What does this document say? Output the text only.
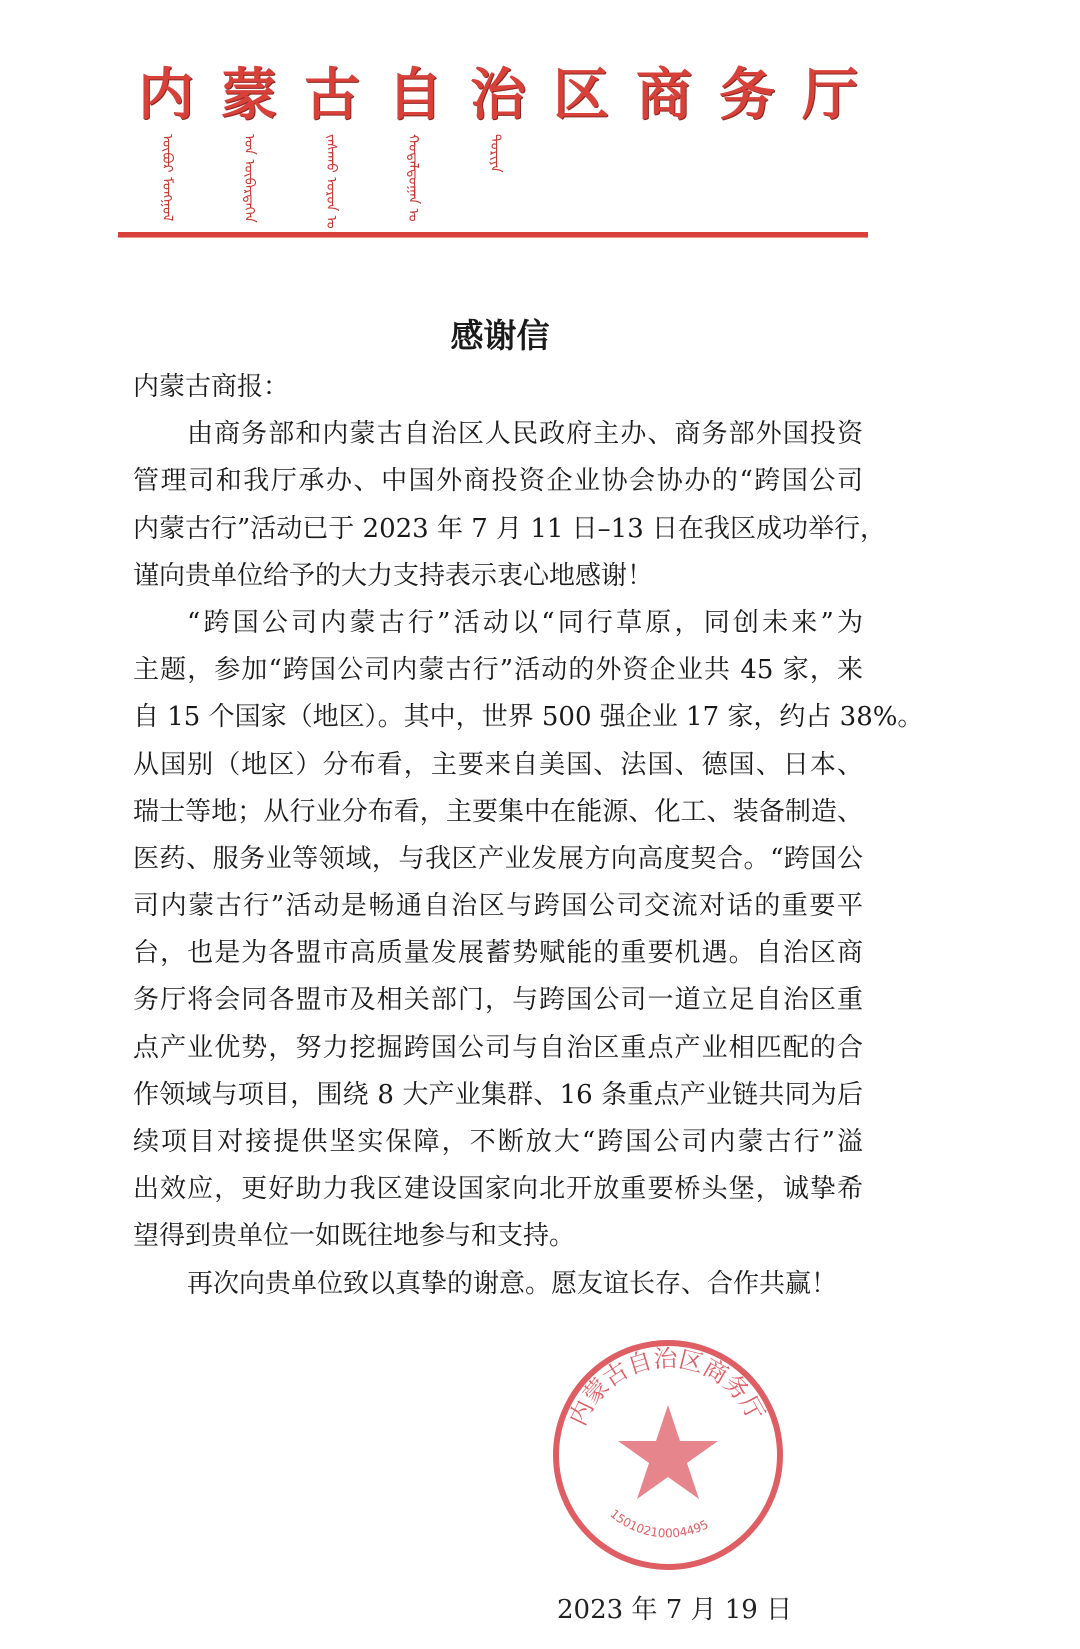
内 蒙 古 自 治 区 商 务 厅
ᠦᠪᠦᠷ ᠮᠣᠩᠭᠣᠯ ᠤᠨ ᠥᠪᠡᠷᠲᠡᠭᠡᠨ ᠵᠠᠰᠠᠬᠤ ᠣᠷᠣᠨ ᠤ ᠬᠣᠳᠠᠯᠳᠤᠭᠠᠨ ᠤ ᠲᠣᠷᠢᠶᠠ
感谢信
内蒙古商报：
由商务部和内蒙古自治区人民政府主办、商务部外国投资
管理司和我厅承办、中国外商投资企业协会协办的“跨国公司
内蒙古行”活动已于 2023 年 7 月 11 日–13 日在我区成功举行，
谨向贵单位给予的大力支持表示衷心地感谢！
“跨国公司内蒙古行”活动以“同行草原，同创未来”为
主题，参加“跨国公司内蒙古行”活动的外资企业共 45 家，来
自 15 个国家（地区）。其中，世界 500 强企业 17 家，约占 38%。
从国别（地区）分布看，主要来自美国、法国、德国、日本、
瑞士等地；从行业分布看，主要集中在能源、化工、装备制造、
医药、服务业等领域，与我区产业发展方向高度契合。“跨国公
司内蒙古行”活动是畅通自治区与跨国公司交流对话的重要平
台，也是为各盟市高质量发展蓄势赋能的重要机遇。自治区商
务厅将会同各盟市及相关部门，与跨国公司一道立足自治区重
点产业优势，努力挖掘跨国公司与自治区重点产业相匹配的合
作领域与项目，围绕 8 大产业集群、16 条重点产业链共同为后
续项目对接提供坚实保障，不断放大“跨国公司内蒙古行”溢
出效应，更好助力我区建设国家向北开放重要桥头堡，诚挚希
望得到贵单位一如既往地参与和支持。
再次向贵单位致以真挚的谢意。愿友谊长存、合作共赢！
内蒙古自治区商务厅
15010210004495
2023 年 7 月 19 日
